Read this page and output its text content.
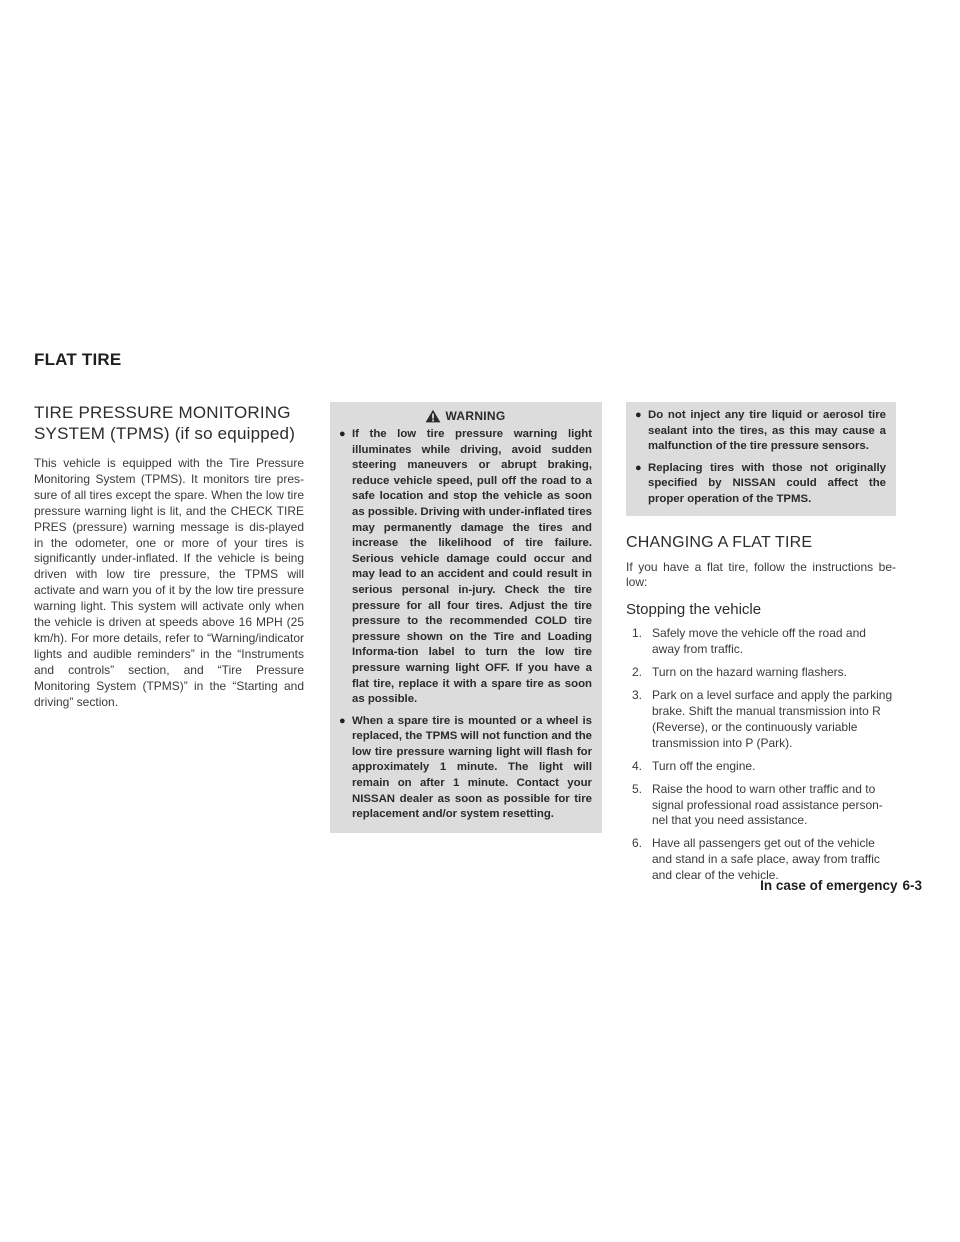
FLAT TIRE
TIRE PRESSURE MONITORING SYSTEM (TPMS) (if so equipped)

This vehicle is equipped with the Tire Pressure Monitoring System (TPMS). It monitors tire pres-sure of all tires except the spare. When the low tire pressure warning light is lit, and the CHECK TIRE PRES (pressure) warning message is dis-played in the odometer, one or more of your tires is significantly under-inflated. If the vehicle is being driven with low tire pressure, the TPMS will activate and warn you of it by the low tire pressure warning light. This system will activate only when the vehicle is driven at speeds above 16 MPH (25 km/h). For more details, refer to “Warning/indicator lights and audible reminders” in the “Instruments and controls” section, and “Tire Pressure Monitoring System (TPMS)” in the “Starting and driving” section.

WARNING
● If the low tire pressure warning light illuminates while driving, avoid sudden steering maneuvers or abrupt braking, reduce vehicle speed, pull off the road to a safe location and stop the vehicle as soon as possible. Driving with under-inflated tires may permanently damage the tires and increase the likelihood of tire failure. Serious vehicle damage could occur and may lead to an accident and could result in serious personal in-jury. Check the tire pressure for all four tires. Adjust the tire pressure to the recommended COLD tire pressure shown on the Tire and Loading Informa-tion label to turn the low tire pressure warning light OFF. If you have a flat tire, replace it with a spare tire as soon as possible.
● When a spare tire is mounted or a wheel is replaced, the TPMS will not function and the low tire pressure warning light will flash for approximately 1 minute. The light will remain on after 1 minute. Contact your NISSAN dealer as soon as possible for tire replacement and/or system resetting.
● Do not inject any tire liquid or aerosol tire sealant into the tires, as this may cause a malfunction of the tire pressure sensors.
● Replacing tires with those not originally specified by NISSAN could affect the proper operation of the TPMS.
CHANGING A FLAT TIRE

If you have a flat tire, follow the instructions be-low:

Stopping the vehicle
1. Safely move the vehicle off the road and away from traffic.
2. Turn on the hazard warning flashers.
3. Park on a level surface and apply the parking brake. Shift the manual transmission into R (Reverse), or the continuously variable transmission into P (Park).
4. Turn off the engine.
5. Raise the hood to warn other traffic and to signal professional road assistance person-nel that you need assistance.
6. Have all passengers get out of the vehicle and stand in a safe place, away from traffic and clear of the vehicle.
In case of emergency 6-3
